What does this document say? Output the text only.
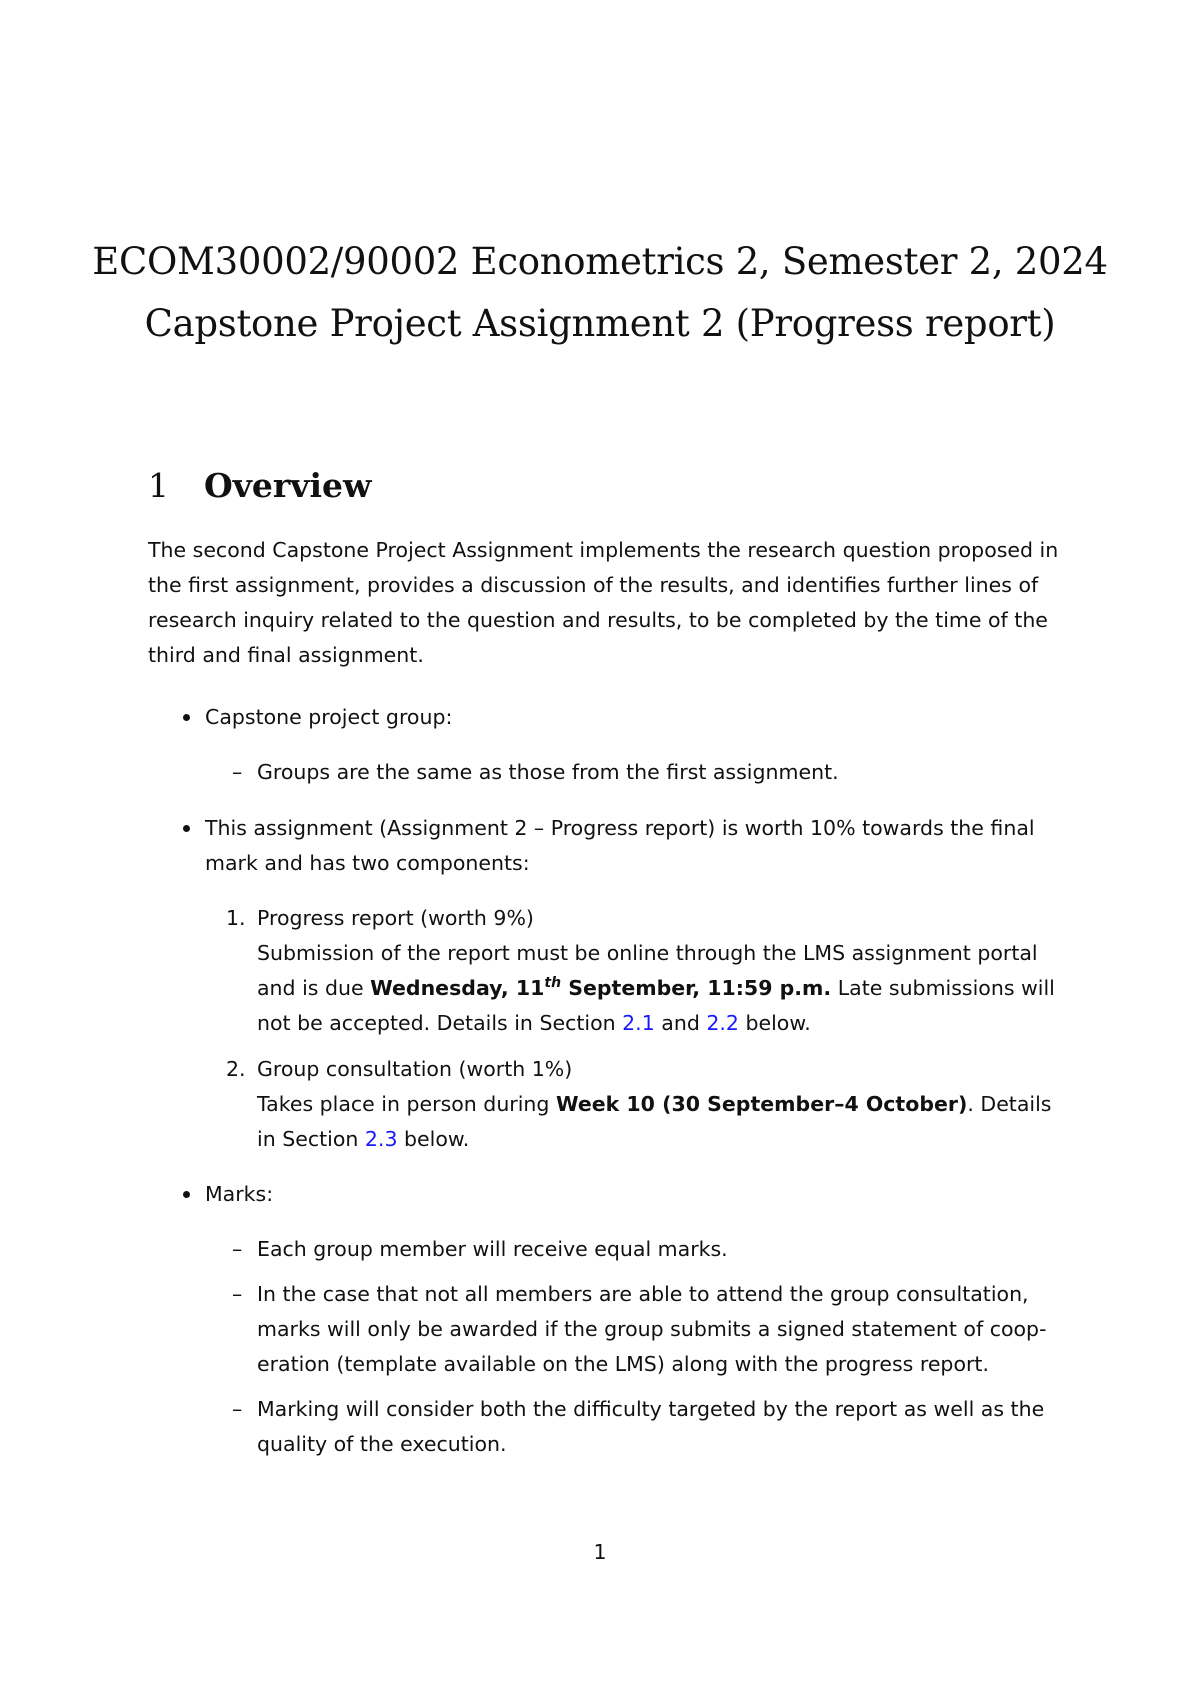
ECOM30002/90002 Econometrics 2, Semester 2, 2024
Capstone Project Assignment 2 (Progress report)
1 Overview
The second Capstone Project Assignment implements the research question proposed in
the first assignment, provides a discussion of the results, and identifies further lines of
research inquiry related to the question and results, to be completed by the time of the
third and final assignment.
Capstone project group:
– Groups are the same as those from the first assignment.
This assignment (Assignment 2 – Progress report) is worth 10% towards the final
mark and has two components:
1. Progress report (worth 9%)
Submission of the report must be online through the LMS assignment portal
and is due Wednesday, 11th September, 11:59 p.m. Late submissions will
not be accepted. Details in Section 2.1 and 2.2 below.
2. Group consultation (worth 1%)
Takes place in person during Week 10 (30 September–4 October). Details
in Section 2.3 below.
Marks:
– Each group member will receive equal marks.
– In the case that not all members are able to attend the group consultation,
marks will only be awarded if the group submits a signed statement of coop-
eration (template available on the LMS) along with the progress report.
– Marking will consider both the difficulty targeted by the report as well as the
quality of the execution.
1
